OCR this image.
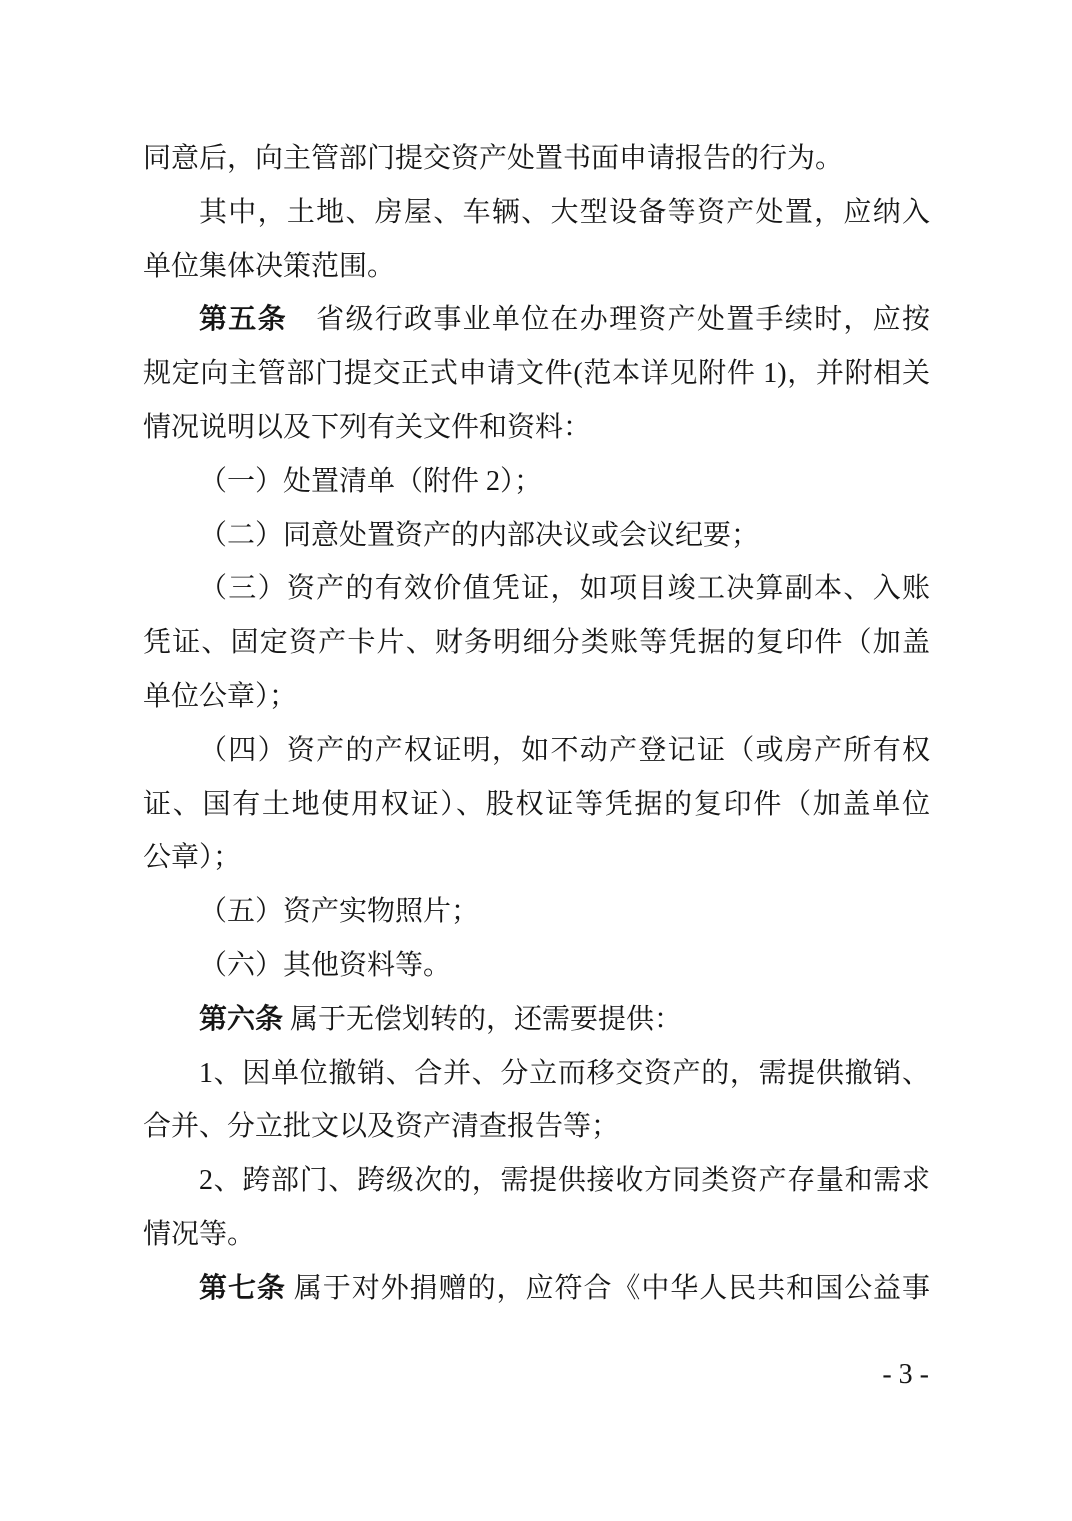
同意后，向主管部门提交资产处置书面申请报告的行为。
其中，土地、房屋、车辆、大型设备等资产处置，应纳入
单位集体决策范围。
第五条　省级行政事业单位在办理资产处置手续时，应按
规定向主管部门提交正式申请文件(范本详见附件 1)，并附相关
情况说明以及下列有关文件和资料：
（一）处置清单（附件 2）；
（二）同意处置资产的内部决议或会议纪要；
（三）资产的有效价值凭证，如项目竣工决算副本、入账
凭证、固定资产卡片、财务明细分类账等凭据的复印件（加盖
单位公章）；
（四）资产的产权证明，如不动产登记证（或房产所有权
证、国有土地使用权证）、股权证等凭据的复印件（加盖单位
公章）；
（五）资产实物照片；
（六）其他资料等。
第六条 属于无偿划转的，还需要提供：
1、因单位撤销、合并、分立而移交资产的，需提供撤销、
合并、分立批文以及资产清查报告等；
2、跨部门、跨级次的，需提供接收方同类资产存量和需求
情况等。
第七条 属于对外捐赠的，应符合《中华人民共和国公益事
- 3 -
